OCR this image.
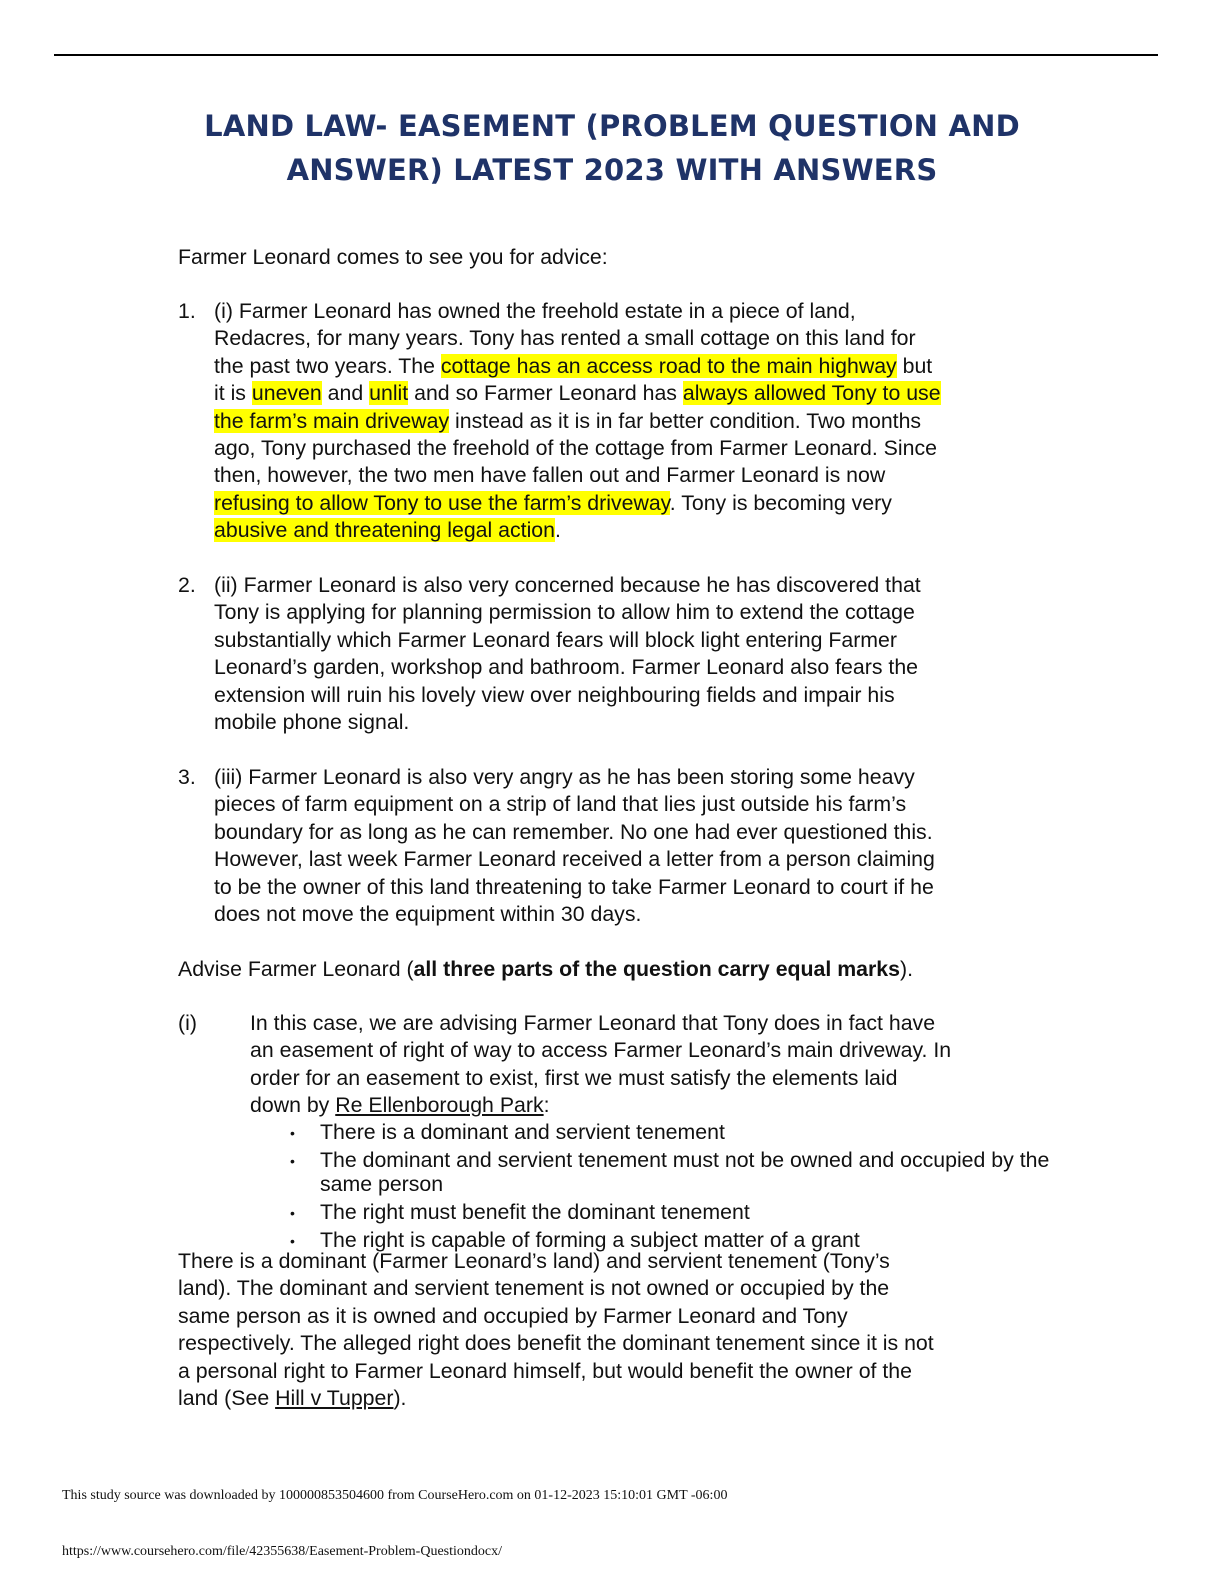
LAND LAW- EASEMENT (PROBLEM QUESTION AND
ANSWER) LATEST 2023 WITH ANSWERS
Farmer Leonard comes to see you for advice:
1. (i) Farmer Leonard has owned the freehold estate in a piece of land,
Redacres, for many years. Tony has rented a small cottage on this land for
the past two years. The cottage has an access road to the main highway but
it is uneven and unlit and so Farmer Leonard has always allowed Tony to use
the farm’s main driveway instead as it is in far better condition. Two months
ago, Tony purchased the freehold of the cottage from Farmer Leonard. Since
then, however, the two men have fallen out and Farmer Leonard is now
refusing to allow Tony to use the farm’s driveway. Tony is becoming very
abusive and threatening legal action.
2. (ii) Farmer Leonard is also very concerned because he has discovered that
Tony is applying for planning permission to allow him to extend the cottage
substantially which Farmer Leonard fears will block light entering Farmer
Leonard’s garden, workshop and bathroom. Farmer Leonard also fears the
extension will ruin his lovely view over neighbouring fields and impair his
mobile phone signal.
3. (iii) Farmer Leonard is also very angry as he has been storing some heavy
pieces of farm equipment on a strip of land that lies just outside his farm’s
boundary for as long as he can remember. No one had ever questioned this.
However, last week Farmer Leonard received a letter from a person claiming
to be the owner of this land threatening to take Farmer Leonard to court if he
does not move the equipment within 30 days.
Advise Farmer Leonard (all three parts of the question carry equal marks).
(i) In this case, we are advising Farmer Leonard that Tony does in fact have
an easement of right of way to access Farmer Leonard’s main driveway. In
order for an easement to exist, first we must satisfy the elements laid
down by Re Ellenborough Park:
• There is a dominant and servient tenement
• The dominant and servient tenement must not be owned and occupied by the same person
• The right must benefit the dominant tenement
• The right is capable of forming a subject matter of a grant
There is a dominant (Farmer Leonard’s land) and servient tenement (Tony’s
land). The dominant and servient tenement is not owned or occupied by the
same person as it is owned and occupied by Farmer Leonard and Tony
respectively. The alleged right does benefit the dominant tenement since it is not
a personal right to Farmer Leonard himself, but would benefit the owner of the
land (See Hill v Tupper).
This study source was downloaded by 100000853504600 from CourseHero.com on 01-12-2023 15:10:01 GMT -06:00
https://www.coursehero.com/file/42355638/Easement-Problem-Questiondocx/
